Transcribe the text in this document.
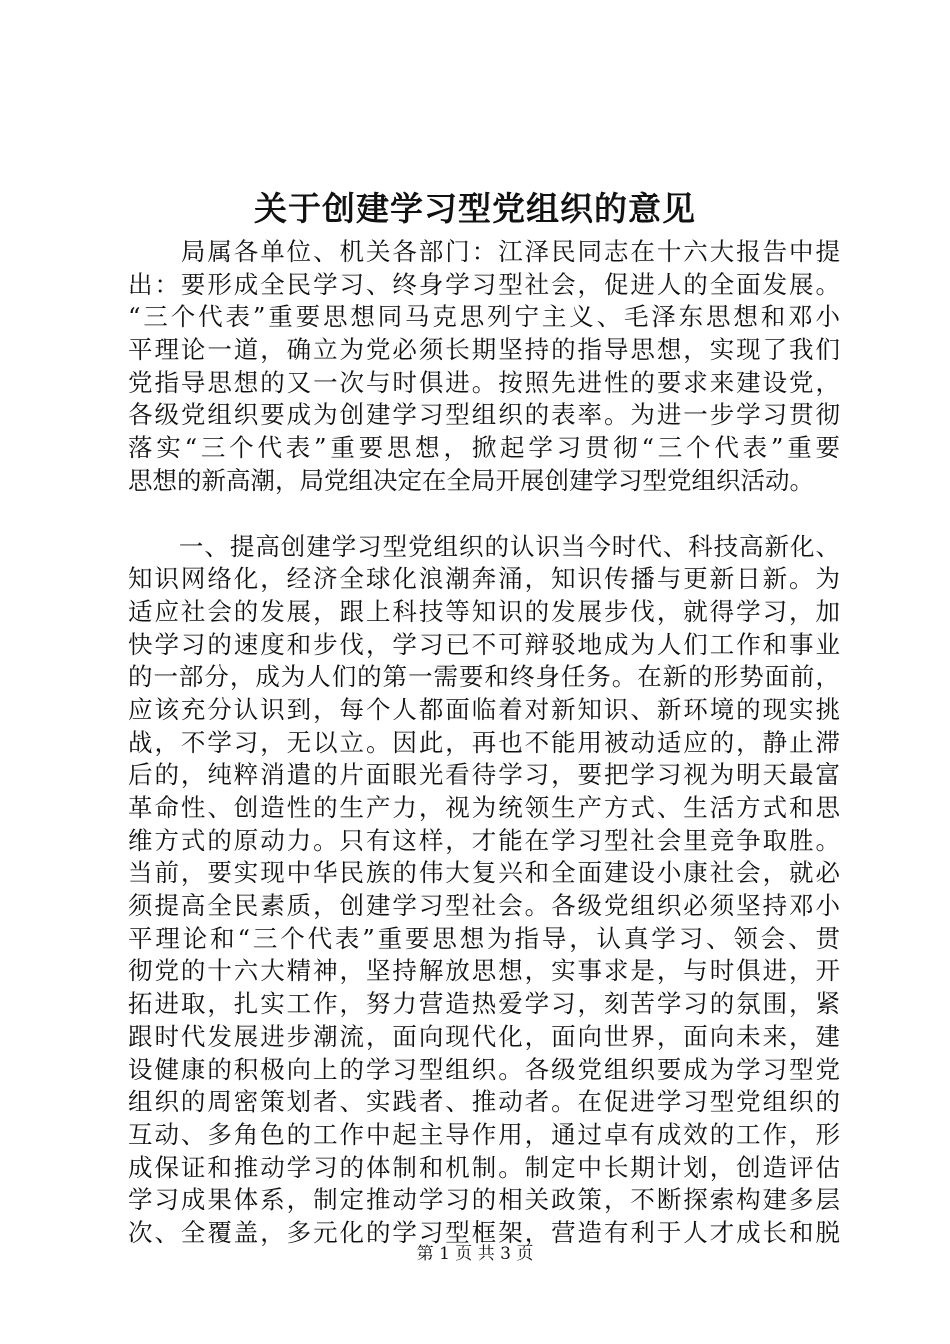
关于创建学习型党组织的意见
　　局属各单位、机关各部门：江泽民同志在十六大报告中提
出：要形成全民学习、终身学习型社会，促进人的全面发展。
“三个代表”重要思想同马克思列宁主义、毛泽东思想和邓小
平理论一道，确立为党必须长期坚持的指导思想，实现了我们
党指导思想的又一次与时俱进。按照先进性的要求来建设党，
各级党组织要成为创建学习型组织的表率。为进一步学习贯彻
落实“三个代表”重要思想，掀起学习贯彻“三个代表”重要
思想的新高潮，局党组决定在全局开展创建学习型党组织活动。
　　一、提高创建学习型党组织的认识当今时代、科技高新化、
知识网络化，经济全球化浪潮奔涌，知识传播与更新日新。为
适应社会的发展，跟上科技等知识的发展步伐，就得学习，加
快学习的速度和步伐，学习已不可辩驳地成为人们工作和事业
的一部分，成为人们的第一需要和终身任务。在新的形势面前，
应该充分认识到，每个人都面临着对新知识、新环境的现实挑
战，不学习，无以立。因此，再也不能用被动适应的，静止滞
后的，纯粹消遣的片面眼光看待学习，要把学习视为明天最富
革命性、创造性的生产力，视为统领生产方式、生活方式和思
维方式的原动力。只有这样，才能在学习型社会里竞争取胜。
当前，要实现中华民族的伟大复兴和全面建设小康社会，就必
须提高全民素质，创建学习型社会。各级党组织必须坚持邓小
平理论和“三个代表”重要思想为指导，认真学习、领会、贯
彻党的十六大精神，坚持解放思想，实事求是，与时俱进，开
拓进取，扎实工作，努力营造热爱学习，刻苦学习的氛围，紧
跟时代发展进步潮流，面向现代化，面向世界，面向未来，建
设健康的积极向上的学习型组织。各级党组织要成为学习型党
组织的周密策划者、实践者、推动者。在促进学习型党组织的
互动、多角色的工作中起主导作用，通过卓有成效的工作，形
成保证和推动学习的体制和机制。制定中长期计划，创造评估
学习成果体系，制定推动学习的相关政策，不断探索构建多层
次、全覆盖，多元化的学习型框架，营造有利于人才成长和脱
第 1 页 共 3 页
